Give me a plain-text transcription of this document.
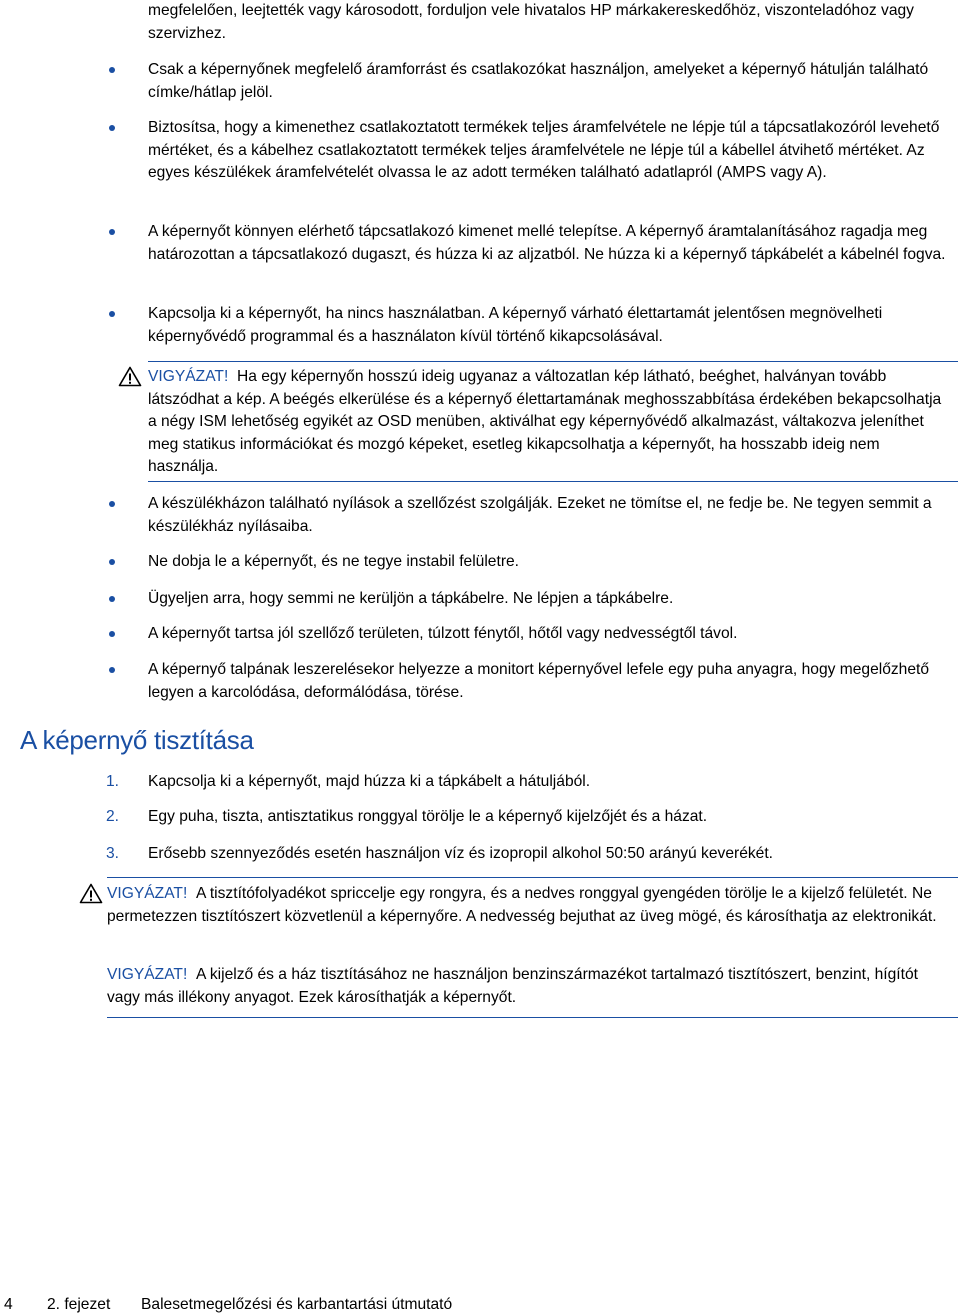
megfelelően, leejtették vagy károsodott, forduljon vele hivatalos HP márkakereskedőhöz, viszonteladóhoz vagy szervizhez.

Csak a képernyőnek megfelelő áramforrást és csatlakozókat használjon, amelyeket a képernyő hátulján található címke/hátlap jelöl.

Biztosítsa, hogy a kimenethez csatlakoztatott termékek teljes áramfelvétele ne lépje túl a tápcsatlakozóról levehető mértéket, és a kábelhez csatlakoztatott termékek teljes áramfelvétele ne lépje túl a kábellel átvihető mértéket. Az egyes készülékek áramfelvételét olvassa le az adott terméken található adatlapról (AMPS vagy A).

A képernyőt könnyen elérhető tápcsatlakozó kimenet mellé telepítse. A képernyő áramtalanításához ragadja meg határozottan a tápcsatlakozó dugaszt, és húzza ki az aljzatból. Ne húzza ki a képernyő tápkábelét a kábelnél fogva.

Kapcsolja ki a képernyőt, ha nincs használatban. A képernyő várható élettartamát jelentősen megnövelheti képernyővédő programmal és a használaton kívül történő kikapcsolásával.

VIGYÁZAT! Ha egy képernyőn hosszú ideig ugyanaz a változatlan kép látható, beéghet, halványan tovább látszódhat a kép. A beégés elkerülése és a képernyő élettartamának meghosszabbítása érdekében bekapcsolhatja a négy ISM lehetőség egyikét az OSD menüben, aktiválhat egy képernyővédő alkalmazást, váltakozva jeleníthet meg statikus információkat és mozgó képeket, esetleg kikapcsolhatja a képernyőt, ha hosszabb ideig nem használja.

A készülékházon található nyílások a szellőzést szolgálják. Ezeket ne tömítse el, ne fedje be. Ne tegyen semmit a készülékház nyílásaiba.

Ne dobja le a képernyőt, és ne tegye instabil felületre.

Ügyeljen arra, hogy semmi ne kerüljön a tápkábelre. Ne lépjen a tápkábelre.

A képernyőt tartsa jól szellőző területen, túlzott fénytől, hőtől vagy nedvességtől távol.

A képernyő talpának leszerelésekor helyezze a monitort képernyővel lefele egy puha anyagra, hogy megelőzhető legyen a karcolódása, deformálódása, törése.

A képernyő tisztítása
1. Kapcsolja ki a képernyőt, majd húzza ki a tápkábelt a hátuljából.

2. Egy puha, tiszta, antisztatikus ronggyal törölje le a képernyő kijelzőjét és a házat.

3. Erősebb szennyeződés esetén használjon víz és izopropil alkohol 50:50 arányú keverékét.

VIGYÁZAT! A tisztítófolyadékot spriccelje egy rongyra, és a nedves ronggyal gyengéden törölje le a kijelző felületét. Ne permetezzen tisztítószert közvetlenül a képernyőre. A nedvesség bejuthat az üveg mögé, és károsíthatja az elektronikát.

VIGYÁZAT! A kijelző és a ház tisztításához ne használjon benzinszármazékot tartalmazó tisztítószert, benzint, hígítót vagy más illékony anyagot. Ezek károsíthatják a képernyőt.

4 2. fejezet Balesetmegelőzési és karbantartási útmutató
